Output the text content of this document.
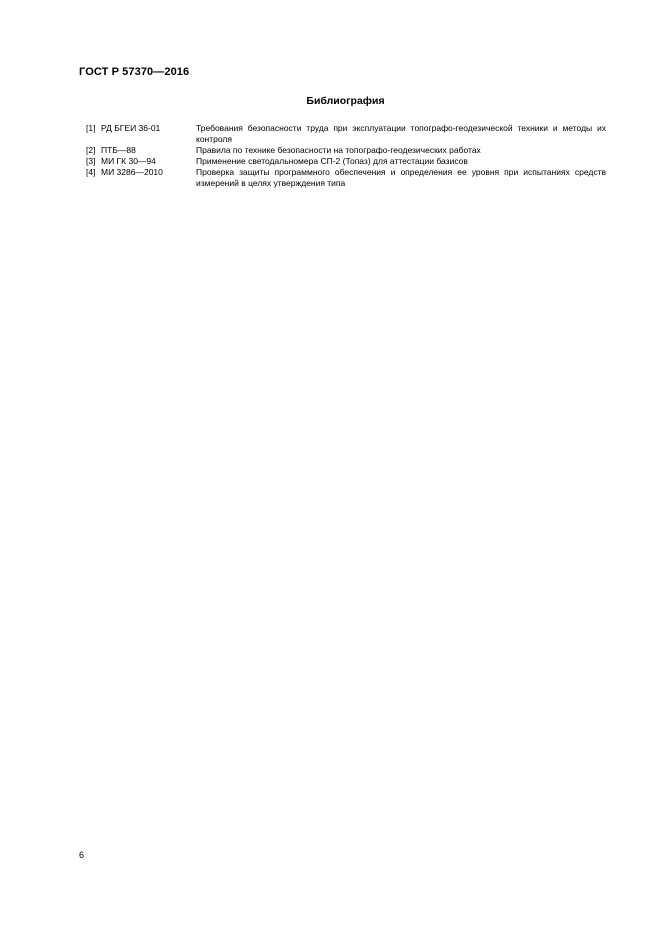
ГОСТ Р 57370—2016
Библиография
[1] РД БГЕИ 36-01	Требования безопасности труда при эксплуатации топографо-геодезической техники и методы их контроля
[2] ПТБ—88	Правила по технике безопасности на топографо-геодезических работах
[3] МИ ГК 30—94	Применение светодальномера СП-2 (Топаз) для аттестации базисов
[4] МИ 3286—2010	Проверка защиты программного обеспечения и определения ее уровня при испытаниях средств измерений в целях утверждения типа
6
